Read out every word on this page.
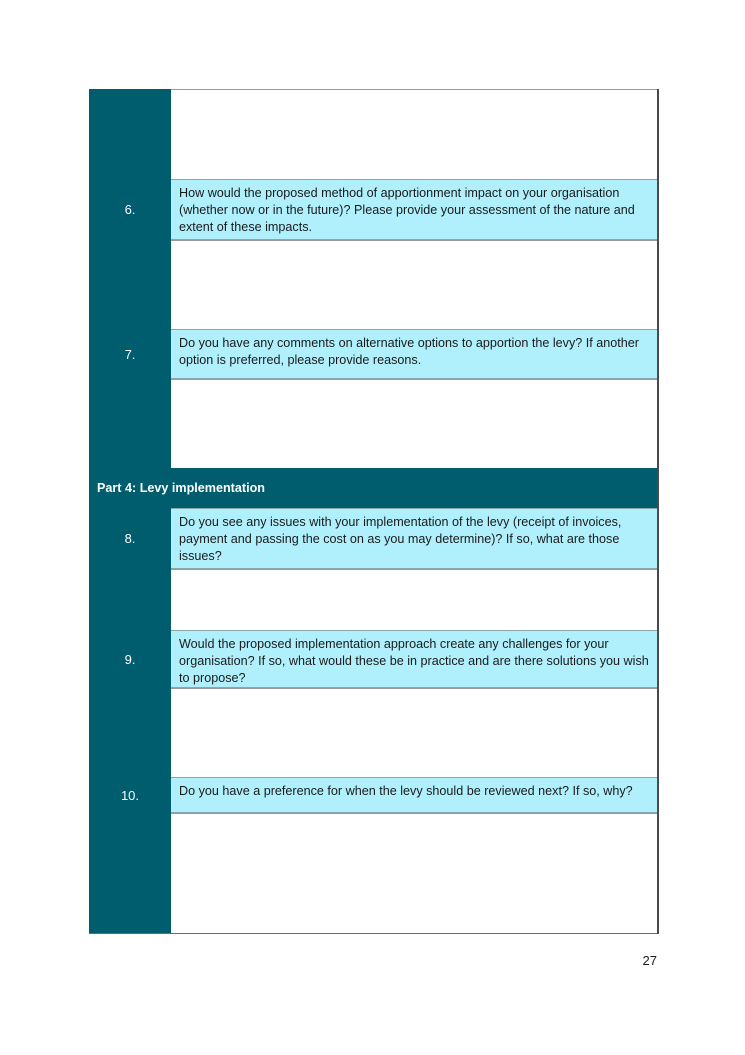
6.
How would the proposed method of apportionment impact on your organisation (whether now or in the future)? Please provide your assessment of the nature and extent of these impacts.
7.
Do you have any comments on alternative options to apportion the levy? If another option is preferred, please provide reasons.
Part 4: Levy implementation
8.
Do you see any issues with your implementation of the levy (receipt of invoices, payment and passing the cost on as you may determine)? If so, what are those issues?
9.
Would the proposed implementation approach create any challenges for your organisation? If so, what would these be in practice and are there solutions you wish to propose?
10.	Do you have a preference for when the levy should be reviewed next? If so, why?
27
